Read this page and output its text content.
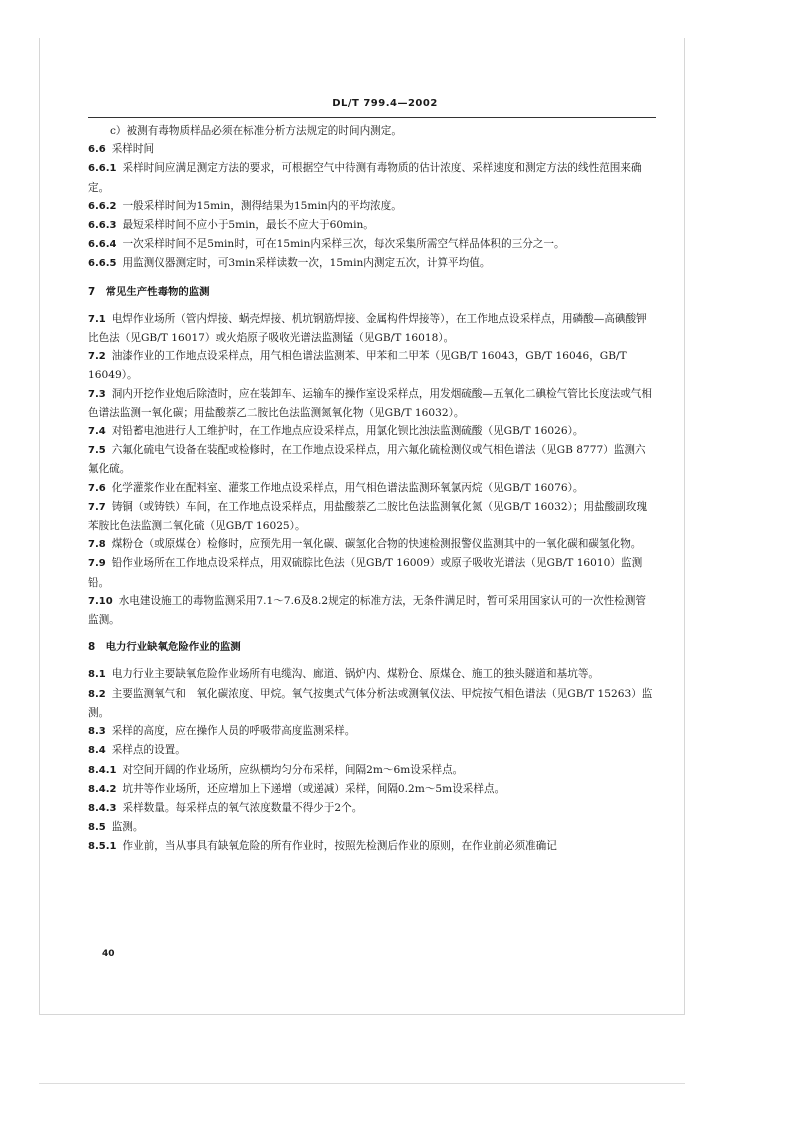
DL/T 799.4—2002

c）被测有毒物质样品必须在标准分析方法规定的时间内测定。

6.6 采样时间

6.6.1 采样时间应满足测定方法的要求，可根据空气中待测有毒物质的估计浓度、采样速度和测定方法的线性范围来确定。

6.6.2 一般采样时间为15min，测得结果为15min内的平均浓度。

6.6.3 最短采样时间不应小于5min，最长不应大于60min。

6.6.4 一次采样时间不足5min时，可在15min内采样三次，每次采集所需空气样品体积的三分之一。

6.6.5 用监测仪器测定时，可3min采样读数一次，15min内测定五次，计算平均值。

7　常见生产性毒物的监测

7.1 电焊作业场所（管内焊接、蜗壳焊接、机坑钢筋焊接、金属构件焊接等），在工作地点设采样点，用磷酸—高碘酸钾比色法（见GB/T 16017）或火焰原子吸收光谱法监测锰（见GB/T 16018）。

7.2 油漆作业的工作地点设采样点，用气相色谱法监测苯、甲苯和二甲苯（见GB/T 16043，GB/T 16046，GB/T 16049）。

7.3 洞内开挖作业炮后除渣时，应在装卸车、运输车的操作室设采样点，用发烟硫酸—五氧化二碘检气管比长度法或气相色谱法监测一氧化碳；用盐酸萘乙二胺比色法监测氮氧化物（见GB/T 16032）。

7.4 对铅蓄电池进行人工维护时，在工作地点应设采样点，用氯化钡比浊法监测硫酸（见GB/T 16026）。

7.5 六氟化硫电气设备在装配或检修时，在工作地点设采样点，用六氟化硫检测仪或气相色谱法（见GB 8777）监测六氟化硫。

7.6 化学灌浆作业在配料室、灌浆工作地点设采样点，用气相色谱法监测环氧氯丙烷（见GB/T 16076）。

7.7 铸铜（或铸铁）车间，在工作地点设采样点，用盐酸萘乙二胺比色法监测氧化氮（见GB/T 16032）；用盐酸副玫瑰苯胺比色法监测二氧化硫（见GB/T 16025）。

7.8 煤粉仓（或原煤仓）检修时，应预先用一氧化碳、碳氢化合物的快速检测报警仪监测其中的一氧化碳和碳氢化物。

7.9 铅作业场所在工作地点设采样点，用双硫腙比色法（见GB/T 16009）或原子吸收光谱法（见GB/T 16010）监测铅。

7.10 水电建设施工的毒物监测采用7.1～7.6及8.2规定的标准方法，无条件满足时，暂可采用国家认可的一次性检测管监测。

8　电力行业缺氧危险作业的监测

8.1 电力行业主要缺氧危险作业场所有电缆沟、廊道、锅炉内、煤粉仓、原煤仓、施工的独头隧道和基坑等。

8.2 主要监测氧气和　氧化碳浓度、甲烷。氧气按奥式气体分析法或测氧仪法、甲烷按气相色谱法（见GB/T 15263）监测。

8.3 采样的高度，应在操作人员的呼吸带高度监测采样。

8.4 采样点的设置。

8.4.1 对空间开阔的作业场所，应纵横均匀分布采样，间隔2m～6m设采样点。

8.4.2 坑井等作业场所，还应增加上下递增（或递减）采样，间隔0.2m～5m设采样点。

8.4.3 采样数量。每采样点的氧气浓度数量不得少于2个。

8.5 监测。

8.5.1 作业前，当从事具有缺氧危险的所有作业时，按照先检测后作业的原则，在作业前必须准确记

40
